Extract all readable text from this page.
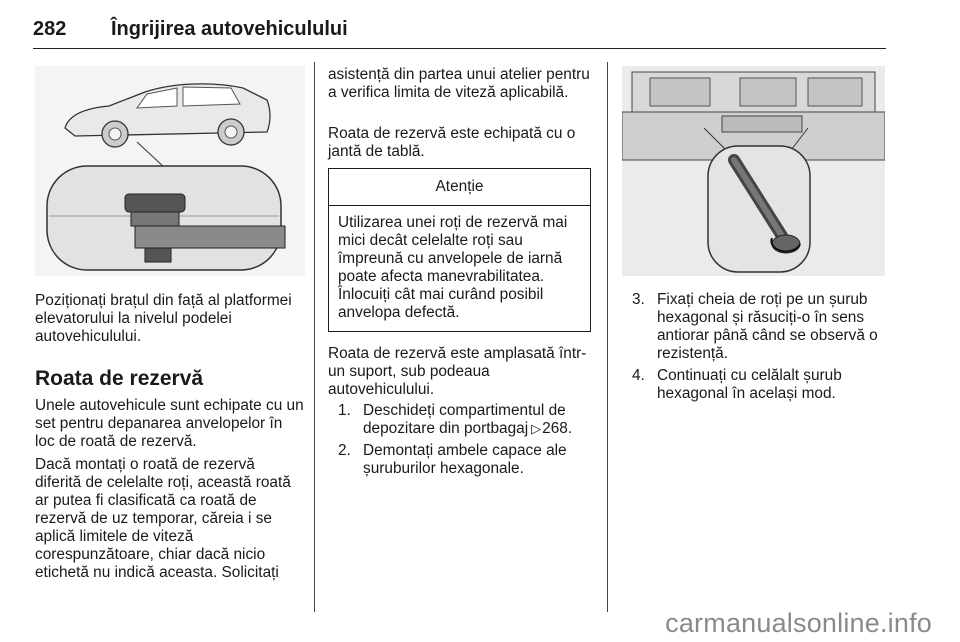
282 Îngrijirea autovehiculului

Poziționați brațul din față al platformei elevatorului la nivelul podelei autovehiculului.

Roata de rezervă

Unele autovehicule sunt echipate cu un set pentru depanarea anvelopelor în loc de roată de rezervă.

Dacă montați o roată de rezervă diferită de celelalte roți, această roată ar putea fi clasificată ca roată de rezervă de uz temporar, căreia i se aplică limitele de viteză corespunzătoare, chiar dacă nicio etichetă nu indică aceasta. Solicitați

asistență din partea unui atelier pentru a verifica limita de viteză aplicabilă.

Roata de rezervă este echipată cu o jantă de tablă.

Atenție
Utilizarea unei roți de rezervă mai mici decât celelalte roți sau împreună cu anvelopele de iarnă poate afecta manevrabilitatea. Înlocuiți cât mai curând posibil anvelopa defectă.

Roata de rezervă este amplasată într-un suport, sub podeaua autovehiculului.

1. Deschideți compartimentul de depozitare din portbagaj ▷268.
2. Demontați ambele capace ale șuruburilor hexagonale.
3. Fixați cheia de roți pe un șurub hexagonal și răsuciți-o în sens antiorar până când se observă o rezistență.
4. Continuați cu celălalt șurub hexagonal în același mod.
carmanualsonline.info
